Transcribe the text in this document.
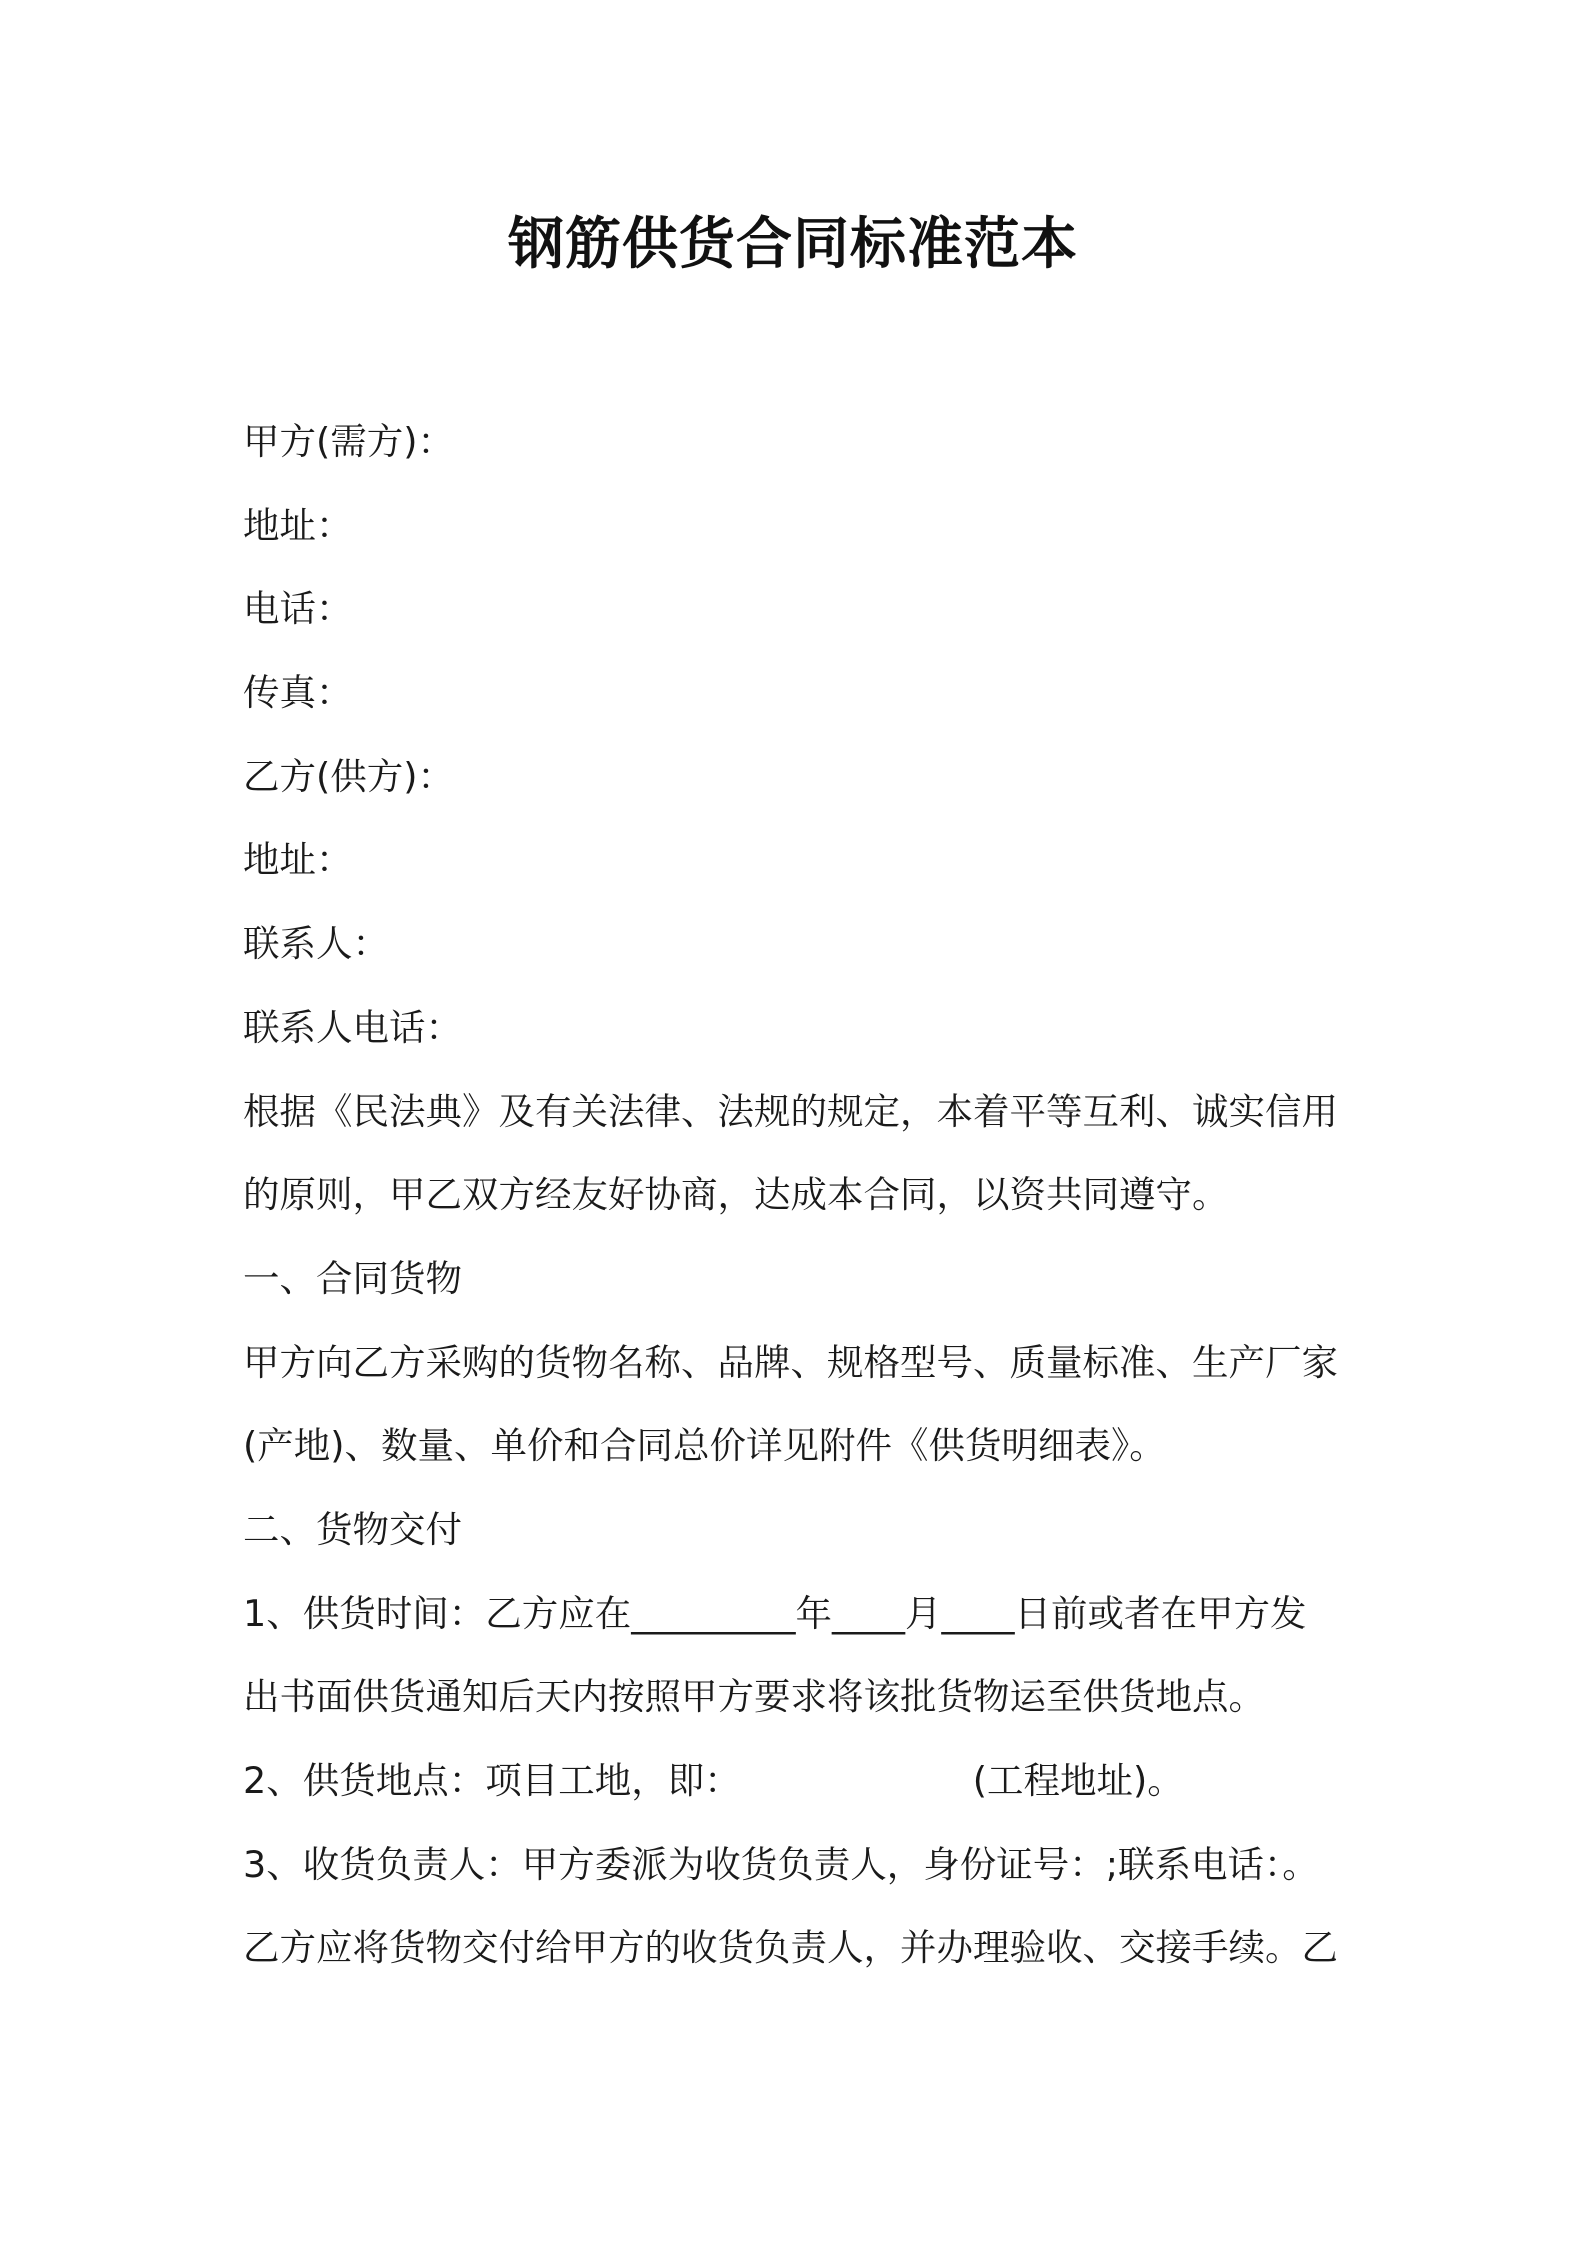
钢筋供货合同标准范本
甲方(需方)：
地址：
电话：
传真：
乙方(供方)：
地址：
联系人：
联系人电话：
根据《民法典》及有关法律、法规的规定，本着平等互利、诚实信用
的原则，甲乙双方经友好协商，达成本合同，以资共同遵守。
一、合同货物
甲方向乙方采购的货物名称、品牌、规格型号、质量标准、生产厂家
(产地)、数量、单价和合同总价详见附件《供货明细表》。
二、货物交付
1、供货时间：乙方应在_________年____月____日前或者在甲方发
出书面供货通知后天内按照甲方要求将该批货物运至供货地点。
2、供货地点：项目工地，即：                    (工程地址)。
3、收货负责人：甲方委派为收货负责人，身份证号：;联系电话：。
乙方应将货物交付给甲方的收货负责人，并办理验收、交接手续。乙
